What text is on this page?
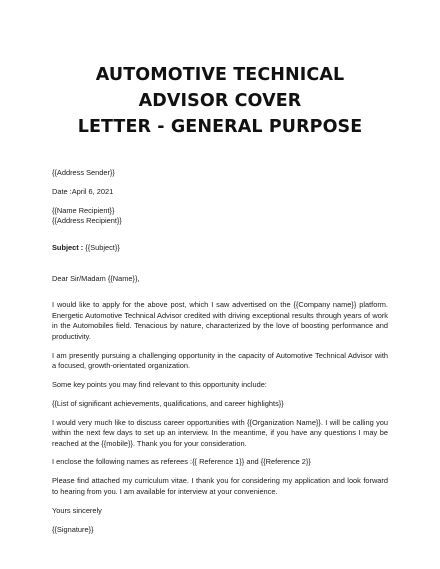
AUTOMOTIVE TECHNICAL ADVISOR COVER
LETTER - GENERAL PURPOSE

{{Address Sender}}

Date :April 6, 2021

{{Name Recipient}}
{{Address Recipient}}

Subject : {{Subject}}

Dear Sir/Madam {{Name}},

I would like to apply for the above post, which I saw advertised on the {{Company name}} platform. Energetic Automotive Technical Advisor credited with driving exceptional results through years of work in the Automobiles field. Tenacious by nature, characterized by the love of boosting performance and productivity.

I am presently pursuing a challenging opportunity in the capacity of Automotive Technical Advisor with a focused, growth-orientated organization.

Some key points you may find relevant to this opportunity include:

{{List of significant achievements, qualifications, and career highlights}}

I would very much like to discuss career opportunities with {{Organization Name}}. I will be calling you within the next few days to set up an interview. In the meantime, if you have any questions I may be reached at the {{mobile}}. Thank you for your consideration.

I enclose the following names as referees :{{ Reference 1}} and {{Reference 2}}

Please find attached my curriculum vitae. I thank you for considering my application and look forward to hearing from you. I am available for interview at your convenience.

Yours sincerely

{{Signature}}
